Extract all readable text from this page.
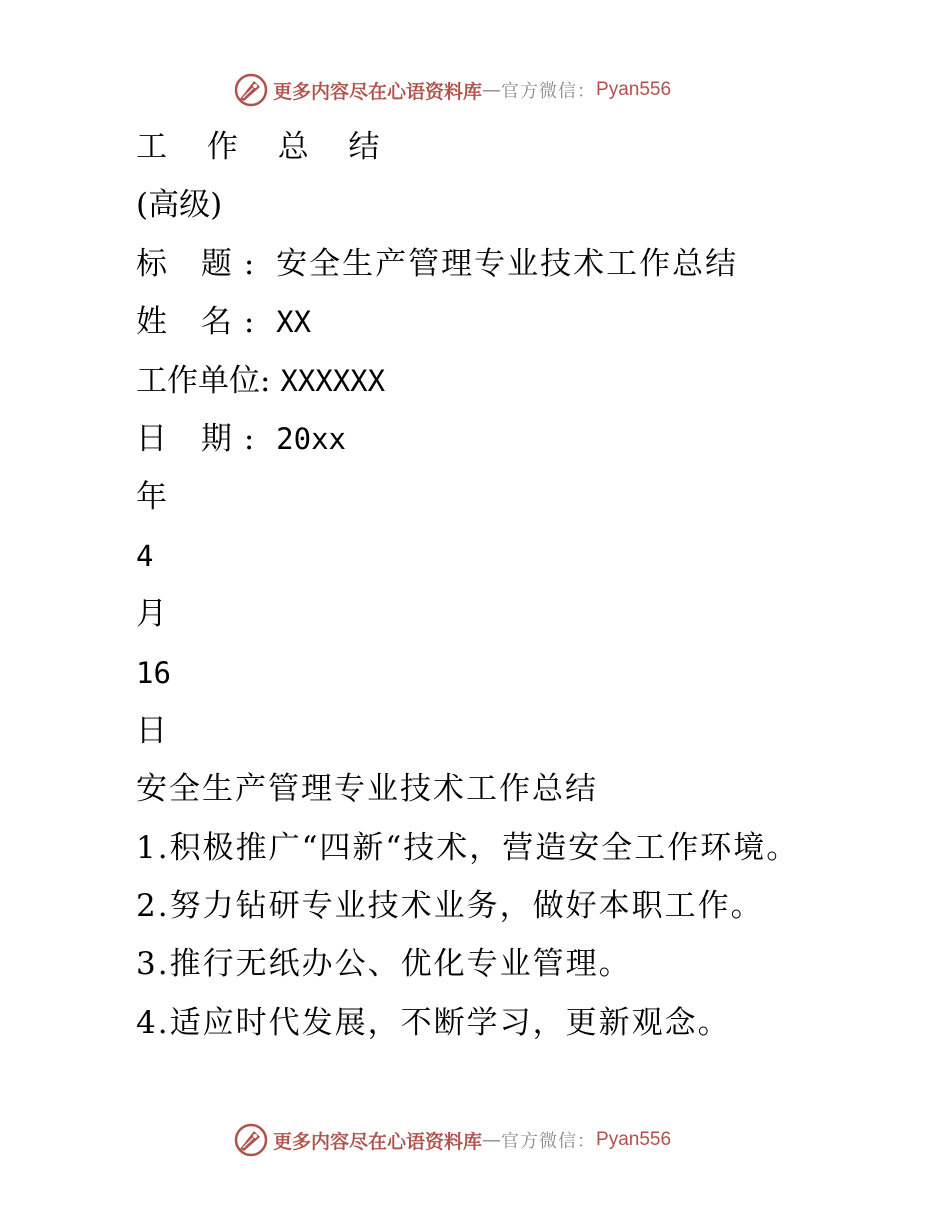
更多内容尽在心语资料库 — 官方微信： Pyan556
工 作 总 结
(高级)
标 题: 安全生产管理专业技术工作总结
姓 名: XX
工作单位: XXXXXX
日 期: 20xx
年
4
月
16
日
安全生产管理专业技术工作总结
1.积极推广“四新“技术，营造安全工作环境。
2.努力钻研专业技术业务，做好本职工作。
3.推行无纸办公、优化专业管理。
4.适应时代发展，不断学习，更新观念。
更多内容尽在心语资料库 — 官方微信： Pyan556
